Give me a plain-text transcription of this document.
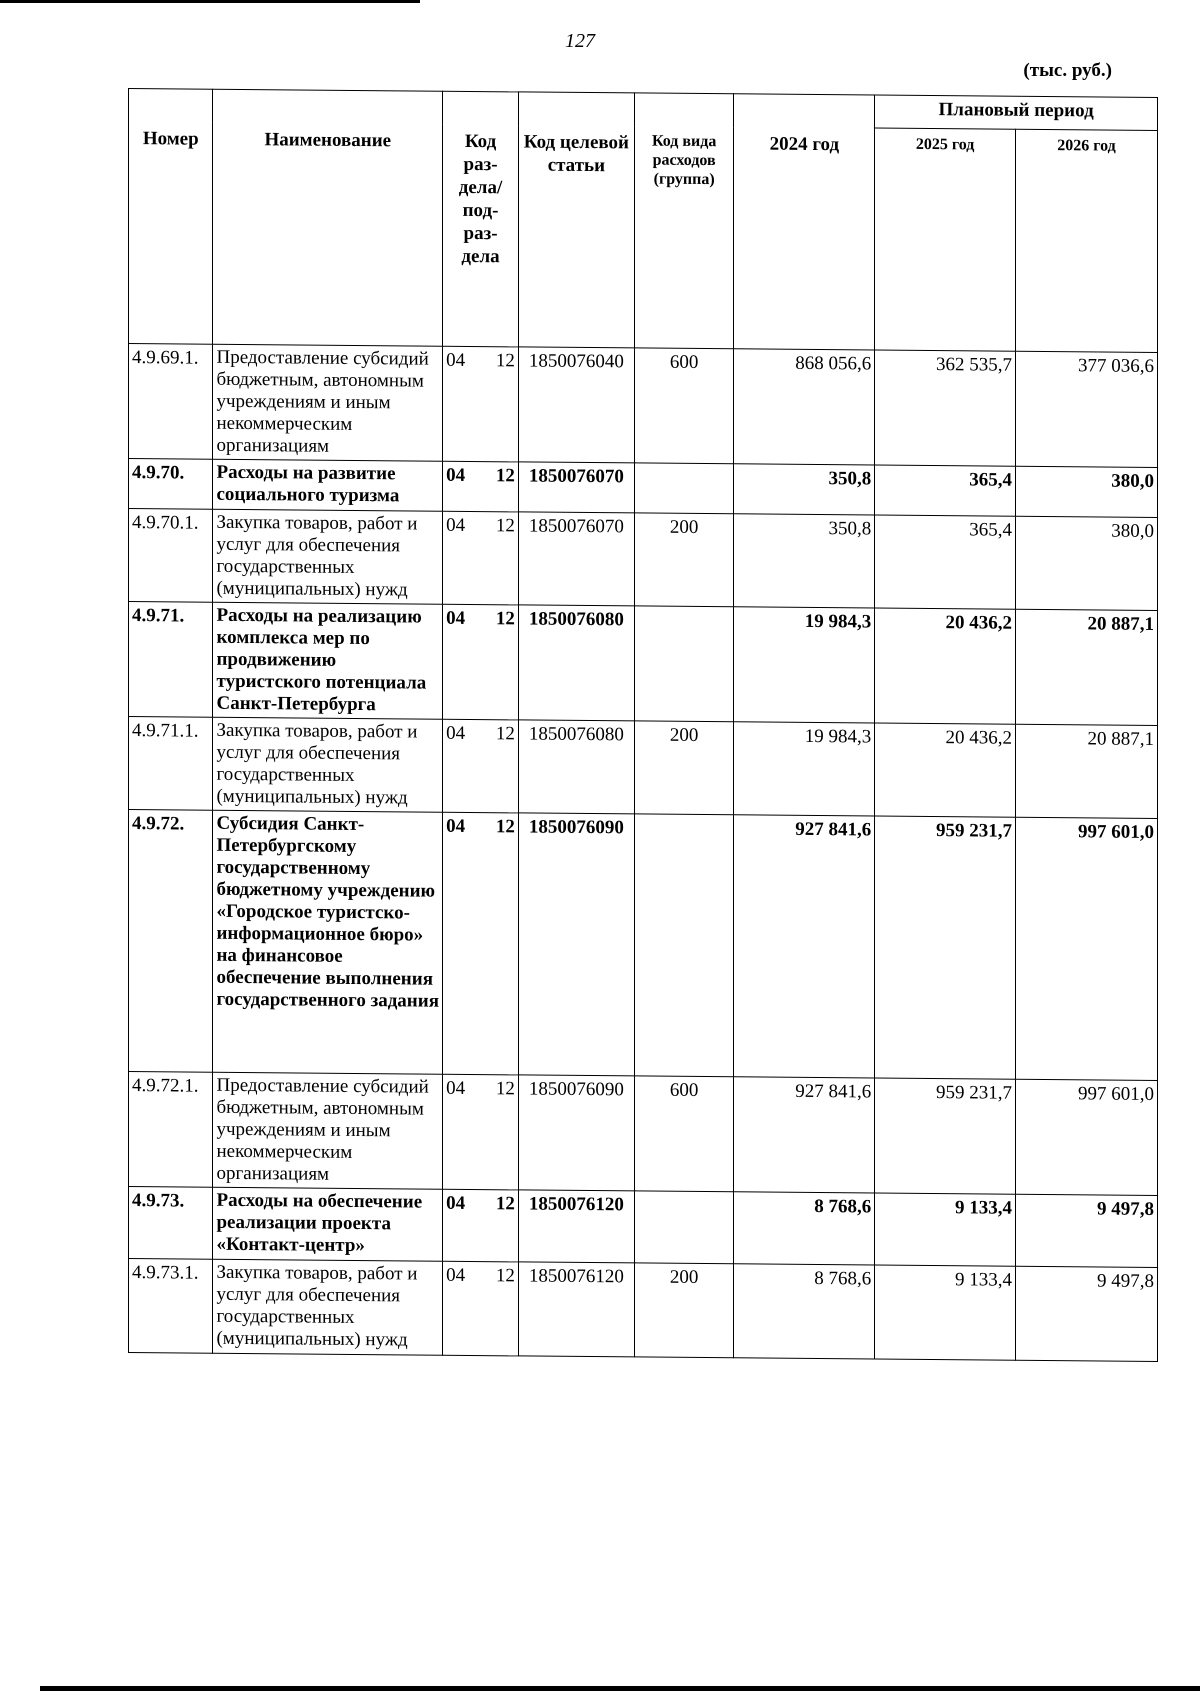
127
(тыс. руб.)
Номер	Наименование	Код раз-дела/ под-раз-дела	Код целевой статьи	Код вида расходов (группа)	2024 год	Плановый период	
						2025 год	2026 год
4.9.69.1.	Предоставление субсидий бюджетным, автономным учреждениям и иным некоммерческим организациям	04 12	1850076040	600	868 056,6	362 535,7	377 036,6
4.9.70.	Расходы на развитие социального туризма	04 12	1850076070		350,8	365,4	380,0
4.9.70.1.	Закупка товаров, работ и услуг для обеспечения государственных (муниципальных) нужд	04 12	1850076070	200	350,8	365,4	380,0
4.9.71.	Расходы на реализацию комплекса мер по продвижению туристского потенциала Санкт-Петербурга	04 12	1850076080		19 984,3	20 436,2	20 887,1
4.9.71.1.	Закупка товаров, работ и услуг для обеспечения государственных (муниципальных) нужд	04 12	1850076080	200	19 984,3	20 436,2	20 887,1
4.9.72.	Субсидия Санкт-Петербургскому государственному бюджетному учреждению «Городское туристско-информационное бюро» на финансовое обеспечение выполнения государственного задания	04 12	1850076090		927 841,6	959 231,7	997 601,0
4.9.72.1.	Предоставление субсидий бюджетным, автономным учреждениям и иным некоммерческим организациям	04 12	1850076090	600	927 841,6	959 231,7	997 601,0
4.9.73.	Расходы на обеспечение реализации проекта «Контакт-центр»	04 12	1850076120		8 768,6	9 133,4	9 497,8
4.9.73.1.	Закупка товаров, работ и услуг для обеспечения государственных (муниципальных) нужд	04 12	1850076120	200	8 768,6	9 133,4	9 497,8
